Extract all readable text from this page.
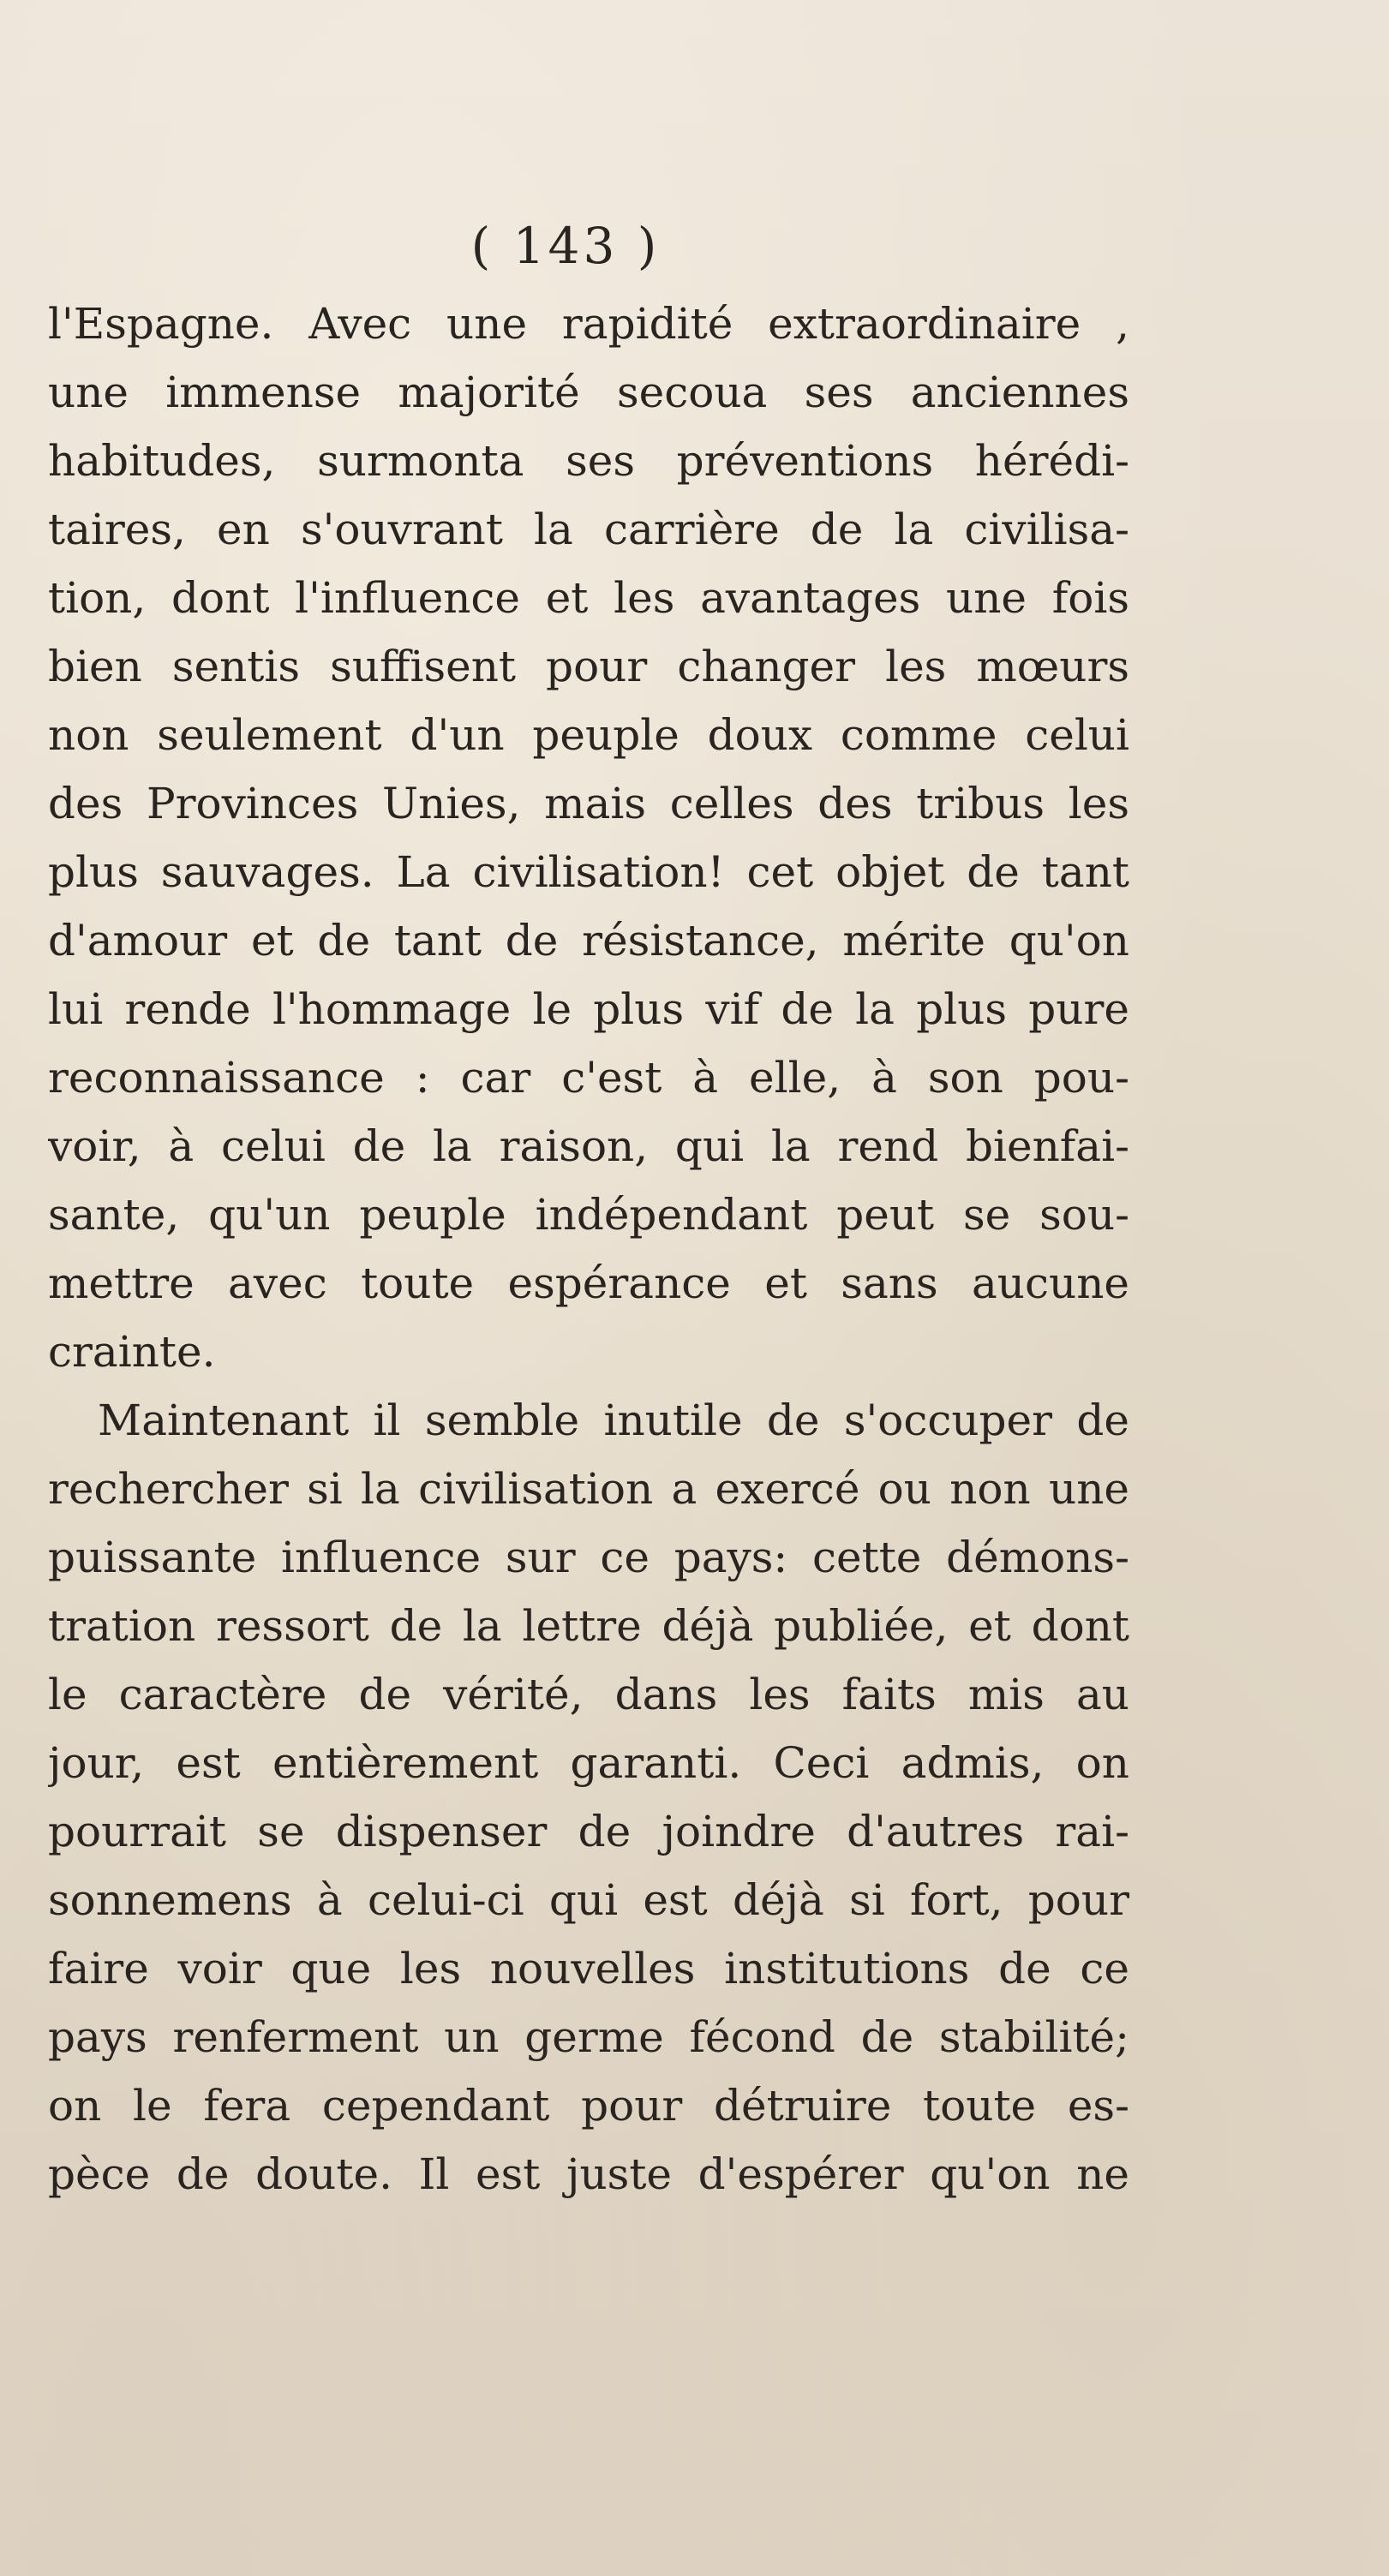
( 143 )
l'Espagne. Avec une rapidité extraordinaire ,
une immense majorité secoua ses anciennes
habitudes, surmonta ses préventions hérédi-
taires, en s'ouvrant la carrière de la civilisa-
tion, dont l'influence et les avantages une fois
bien sentis suffisent pour changer les mœurs
non seulement d'un peuple doux comme celui
des Provinces Unies, mais celles des tribus les
plus sauvages. La civilisation! cet objet de tant
d'amour et de tant de résistance, mérite qu'on
lui rende l'hommage le plus vif de la plus pure
reconnaissance : car c'est à elle, à son pou-
voir, à celui de la raison, qui la rend bienfai-
sante, qu'un peuple indépendant peut se sou-
mettre avec toute espérance et sans aucune
crainte.
Maintenant il semble inutile de s'occuper de
rechercher si la civilisation a exercé ou non une
puissante influence sur ce pays: cette démons-
tration ressort de la lettre déjà publiée, et dont
le caractère de vérité, dans les faits mis au
jour, est entièrement garanti. Ceci admis, on
pourrait se dispenser de joindre d'autres rai-
sonnemens à celui-ci qui est déjà si fort, pour
faire voir que les nouvelles institutions de ce
pays renferment un germe fécond de stabilité;
on le fera cependant pour détruire toute es-
pèce de doute. Il est juste d'espérer qu'on ne
